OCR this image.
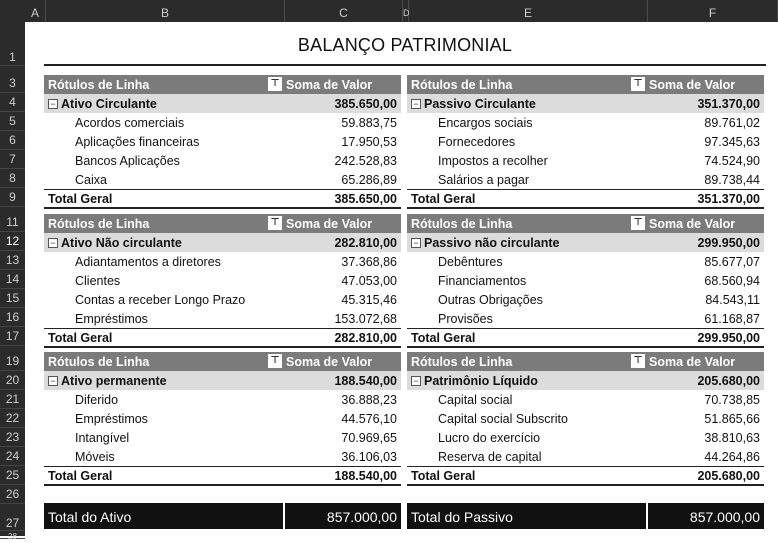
A	B	C	D	E	F
1
3
4
5
6
7
8
9
11
12
13
14
15
16
17
19
20
21
22
23
24
25
26
27
28
BALANÇO PATRIMONIAL
Rótulos de Linha	⊤ Soma de Valor
− Ativo Circulante	385.650,00
Acordos comerciais	59.883,75
Aplicações financeiras	17.950,53
Bancos Aplicações	242.528,83
Caixa	65.286,89
Total Geral	385.650,00
Rótulos de Linha	⊤ Soma de Valor
− Passivo Circulante	351.370,00
Encargos sociais	89.761,02
Fornecedores	97.345,63
Impostos a recolher	74.524,90
Salários a pagar	89.738,44
Total Geral	351.370,00
Rótulos de Linha	⊤ Soma de Valor
− Ativo Não circulante	282.810,00
Adiantamentos a diretores	37.368,86
Clientes	47.053,00
Contas a receber Longo Prazo	45.315,46
Empréstimos	153.072,68
Total Geral	282.810,00
Rótulos de Linha	⊤ Soma de Valor
− Passivo não circulante	299.950,00
Debêntures	85.677,07
Financiamentos	68.560,94
Outras Obrigações	84.543,11
Provisões	61.168,87
Total Geral	299.950,00
Rótulos de Linha	⊤ Soma de Valor
− Ativo permanente	188.540,00
Diferido	36.888,23
Empréstimos	44.576,10
Intangível	70.969,65
Móveis	36.106,03
Total Geral	188.540,00
Rótulos de Linha	⊤ Soma de Valor
− Patrimônio Líquido	205.680,00
Capital social	70.738,85
Capital social Subscrito	51.865,66
Lucro do exercício	38.810,63
Reserva de capital	44.264,86
Total Geral	205.680,00
Total do Ativo	857.000,00 Total do Passivo	857.000,00
